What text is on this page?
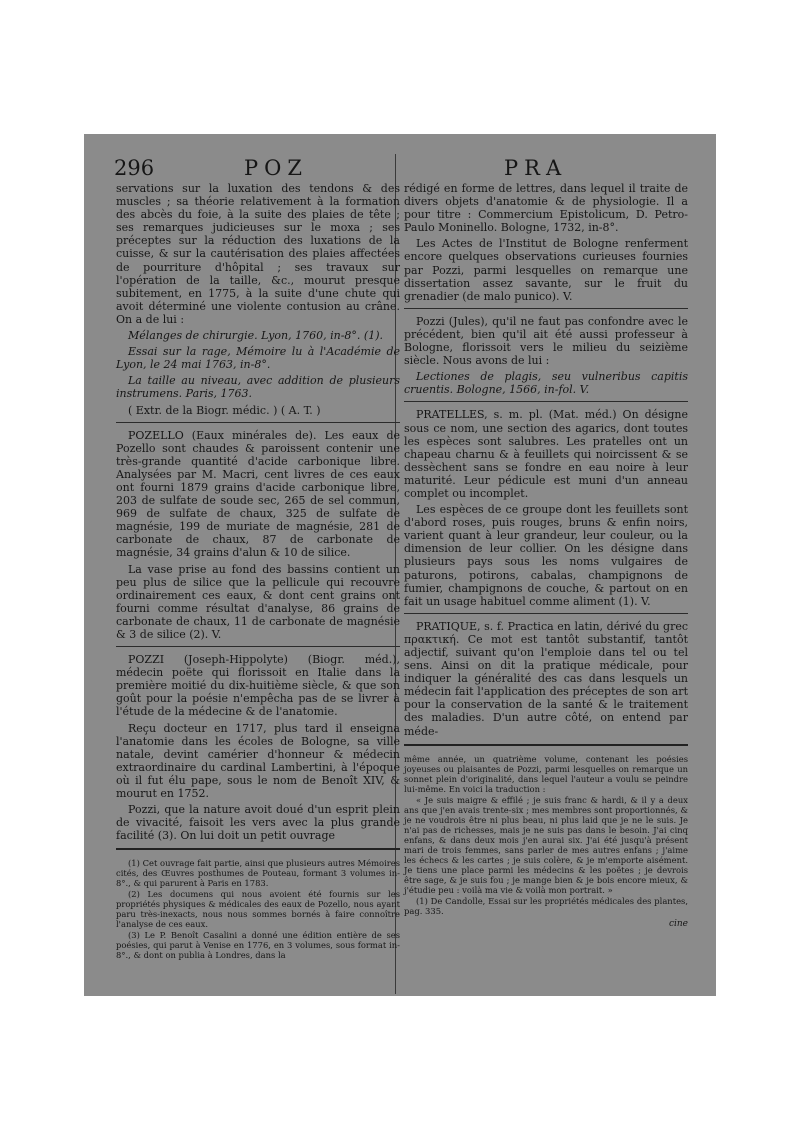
296	POZ	PRA

servations sur la luxation des tendons & des muscles ; sa théorie relativement à la formation des abcès du foie, à la suite des plaies de tête ; ses remarques judicieuses sur le moxa ; ses préceptes sur la réduction des luxations de la cuisse, & sur la cautérisation des plaies affectées de pourriture d'hôpital ; ses travaux sur l'opération de la taille, &c., mourut presque subitement, en 1775, à la suite d'une chute qui avoit déterminé une violente contusion au crâne. On a de lui :

Mélanges de chirurgie. Lyon, 1760, in-8°. (1).

Essai sur la rage, Mémoire lu à l'Académie de Lyon, le 24 mai 1763, in-8°.

La taille au niveau, avec addition de plusieurs instrumens. Paris, 1763.

( Extr. de la Biogr. médic. ) ( A. T. )

POZELLO (Eaux minérales de). Les eaux de Pozello sont chaudes & paroissent contenir une très-grande quantité d'acide carbonique libre. Analysées par M. Macri, cent livres de ces eaux ont fourni 1879 grains d'acide carbonique libre, 203 de sulfate de soude sec, 265 de sel commun, 969 de sulfate de chaux, 325 de sulfate de magnésie, 199 de muriate de magnésie, 281 de carbonate de chaux, 87 de carbonate de magnésie, 34 grains d'alun & 10 de silice.

La vase prise au fond des bassins contient un peu plus de silice que la pellicule qui recouvre ordinairement ces eaux, & dont cent grains ont fourni comme résultat d'analyse, 86 grains de carbonate de chaux, 11 de carbonate de magnésie & 3 de silice (2). V.

POZZI (Joseph-Hippolyte) (Biogr. méd.), médecin poëte qui florissoit en Italie dans la première moitié du dix-huitième siècle, & que son goût pour la poésie n'empêcha pas de se livrer à l'étude de la médecine & de l'anatomie.

Reçu docteur en 1717, plus tard il enseigna l'anatomie dans les écoles de Bologne, sa ville natale, devint camérier d'honneur & médecin extraordinaire du cardinal Lambertini, à l'époque où il fut élu pape, sous le nom de Benoît XIV, & mourut en 1752.

Pozzi, que la nature avoit doué d'un esprit plein de vivacité, faisoit les vers avec la plus grande facilité (3). On lui doit un petit ouvrage

(1) Cet ouvrage fait partie, ainsi que plusieurs autres Mémoires cités, des Œuvres posthumes de Pouteau, formant 3 volumes in-8°., & qui parurent à Paris en 1783.

(2) Les documens qui nous avoient été fournis sur les propriétés physiques & médicales des eaux de Pozello, nous ayant paru très-inexacts, nous nous sommes bornés à faire connoître l'analyse de ces eaux.

(3) Le P. Benoît Casalini a donné une édition entière de ses poésies, qui parut à Venise en 1776, en 3 volumes, sous format in-8°., & dont on publia à Londres, dans la

rédigé en forme de lettres, dans lequel il traite de divers objets d'anatomie & de physiologie. Il a pour titre : Commercium Epistolicum, D. Petro-Paulo Moninello. Bologne, 1732, in-8°.

Les Actes de l'Institut de Bologne renferment encore quelques observations curieuses fournies par Pozzi, parmi lesquelles on remarque une dissertation assez savante, sur le fruit du grenadier (de malo punico). V.

Pozzi (Jules), qu'il ne faut pas confondre avec le précédent, bien qu'il ait été aussi professeur à Bologne, florissoit vers le milieu du seizième siècle. Nous avons de lui :

Lectiones de plagis, seu vulneribus capitis cruentis. Bologne, 1566, in-fol. V.

PRATELLES, s. m. pl. (Mat. méd.) On désigne sous ce nom, une section des agarics, dont toutes les espèces sont salubres. Les pratelles ont un chapeau charnu & à feuillets qui noircissent & se dessèchent sans se fondre en eau noire à leur maturité. Leur pédicule est muni d'un anneau complet ou incomplet.

Les espèces de ce groupe dont les feuillets sont d'abord roses, puis rouges, bruns & enfin noirs, varient quant à leur grandeur, leur couleur, ou la dimension de leur collier. On les désigne dans plusieurs pays sous les noms vulgaires de paturons, potirons, cabalas, champignons de fumier, champignons de couche, & partout on en fait un usage habituel comme aliment (1). V.

PRATIQUE, s. f. Practica en latin, dérivé du grec πρακτική. Ce mot est tantôt substantif, tantôt adjectif, suivant qu'on l'emploie dans tel ou tel sens. Ainsi on dit la pratique médicale, pour indiquer la généralité des cas dans lesquels un médecin fait l'application des préceptes de son art pour la conservation de la santé & le traitement des maladies. D'un autre côté, on entend par méde-

même année, un quatrième volume, contenant les poésies joyeuses ou plaisantes de Pozzi, parmi lesquelles on remarque un sonnet plein d'originalité, dans lequel l'auteur a voulu se peindre lui-même. En voici la traduction :

« Je suis maigre & effilé ; je suis franc & hardi, & il y a deux ans que j'en avais trente-six ; mes membres sont proportionnés, & je ne voudrois être ni plus beau, ni plus laid que je ne le suis. Je n'ai pas de richesses, mais je ne suis pas dans le besoin. J'ai cinq enfans, & dans deux mois j'en aurai six. J'ai été jusqu'à présent mari de trois femmes, sans parler de mes autres enfans ; j'aime les échecs & les cartes ; je suis colère, & je m'emporte aisément. Je tiens une place parmi les médecins & les poëtes ; je devrois être sage, & je suis fou ; je mange bien & je bois encore mieux, & j'étudie peu : voilà ma vie & voilà mon portrait. »

(1) De Candolle, Essai sur les propriétés médicales des plantes, pag. 335.

cine
